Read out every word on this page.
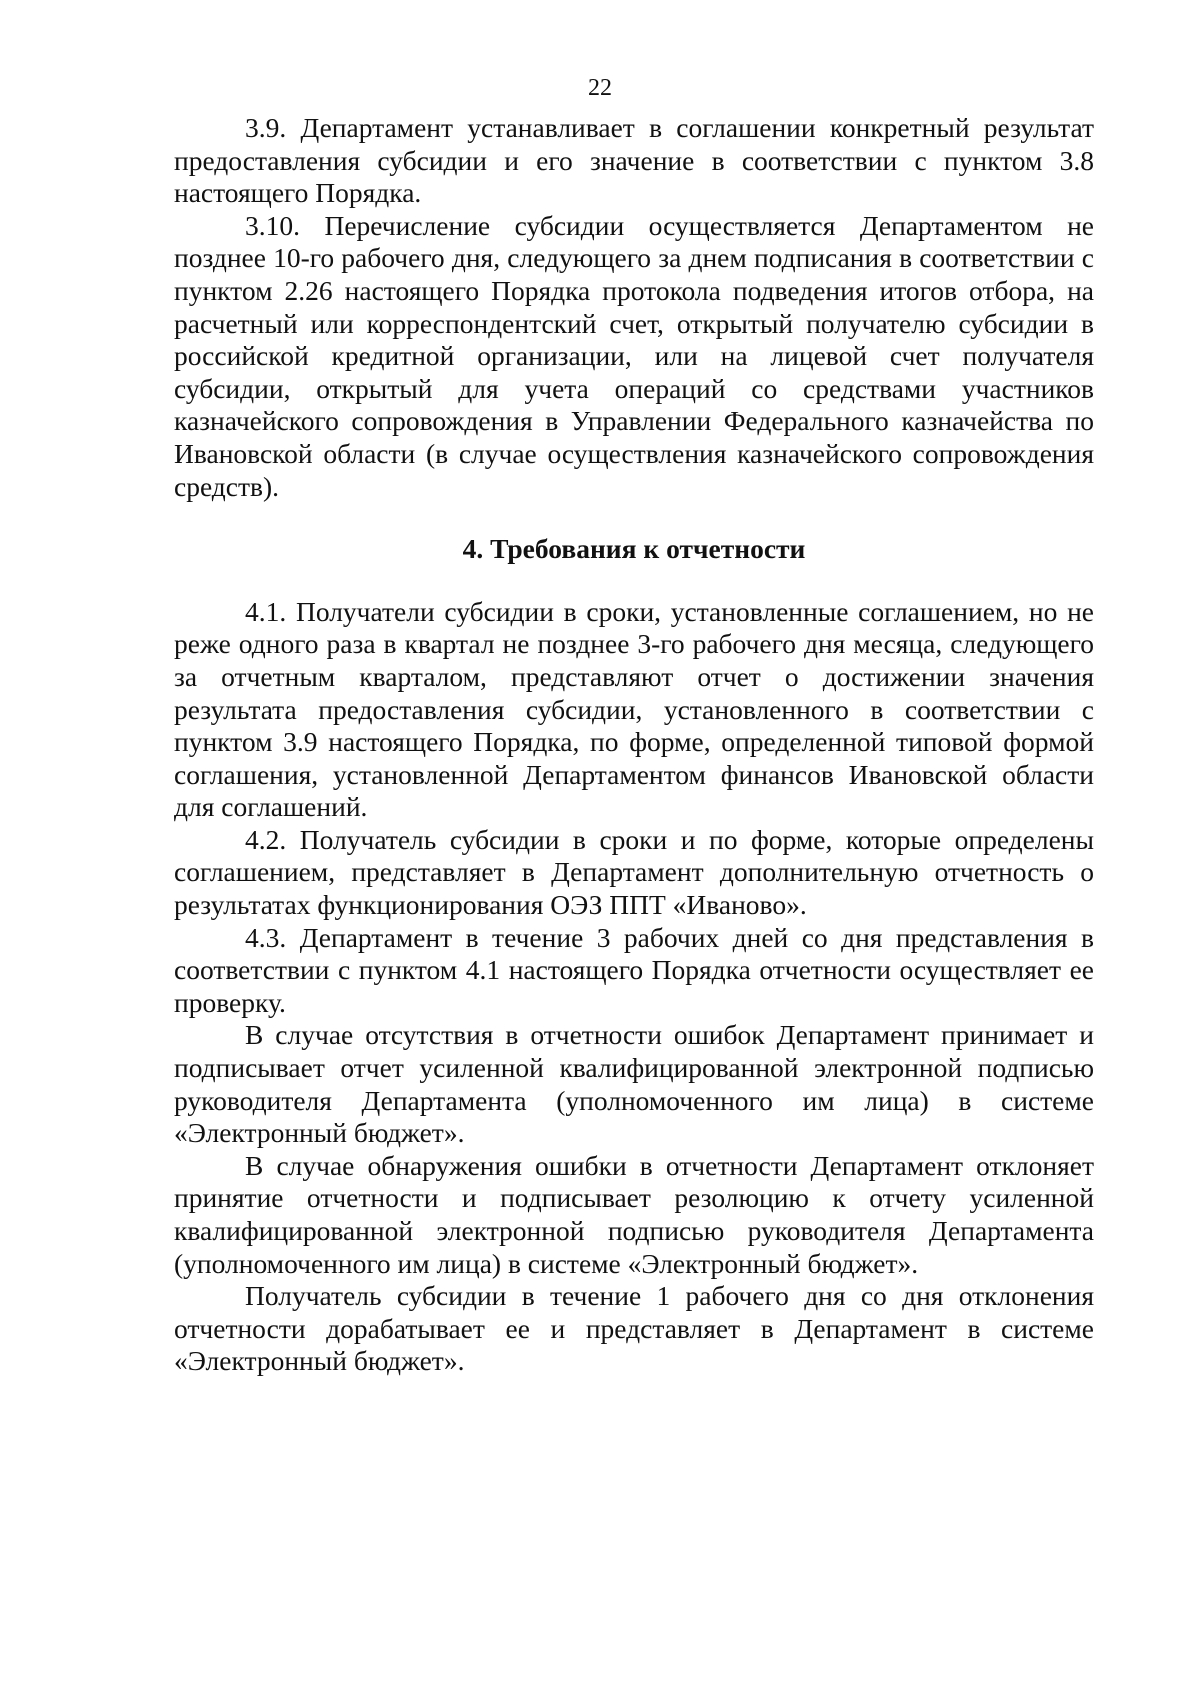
22

3.9. Департамент устанавливает в соглашении конкретный результат предоставления субсидии и его значение в соответствии с пунктом 3.8 настоящего Порядка.

3.10. Перечисление субсидии осуществляется Департаментом не позднее 10-го рабочего дня, следующего за днем подписания в соответствии с пунктом 2.26 настоящего Порядка протокола подведения итогов отбора, на расчетный или корреспондентский счет, открытый получателю субсидии в российской кредитной организации, или на лицевой счет получателя субсидии, открытый для учета операций со средствами участников казначейского сопровождения в Управлении Федерального казначейства по Ивановской области (в случае осуществления казначейского сопровождения средств).

4. Требования к отчетности

4.1. Получатели субсидии в сроки, установленные соглашением, но не реже одного раза в квартал не позднее 3-го рабочего дня месяца, следующего за отчетным кварталом, представляют отчет о достижении значения результата предоставления субсидии, установленного в соответствии с пунктом 3.9 настоящего Порядка, по форме, определенной типовой формой соглашения, установленной Департаментом финансов Ивановской области для соглашений.

4.2. Получатель субсидии в сроки и по форме, которые определены соглашением, представляет в Департамент дополнительную отчетность о результатах функционирования ОЭЗ ППТ «Иваново».

4.3. Департамент в течение 3 рабочих дней со дня представления в соответствии с пунктом 4.1 настоящего Порядка отчетности осуществляет ее проверку.

В случае отсутствия в отчетности ошибок Департамент принимает и подписывает отчет усиленной квалифицированной электронной подписью руководителя Департамента (уполномоченного им лица) в системе «Электронный бюджет».

В случае обнаружения ошибки в отчетности Департамент отклоняет принятие отчетности и подписывает резолюцию к отчету усиленной квалифицированной электронной подписью руководителя Департамента (уполномоченного им лица) в системе «Электронный бюджет».

Получатель субсидии в течение 1 рабочего дня со дня отклонения отчетности дорабатывает ее и представляет в Департамент в системе «Электронный бюджет».
